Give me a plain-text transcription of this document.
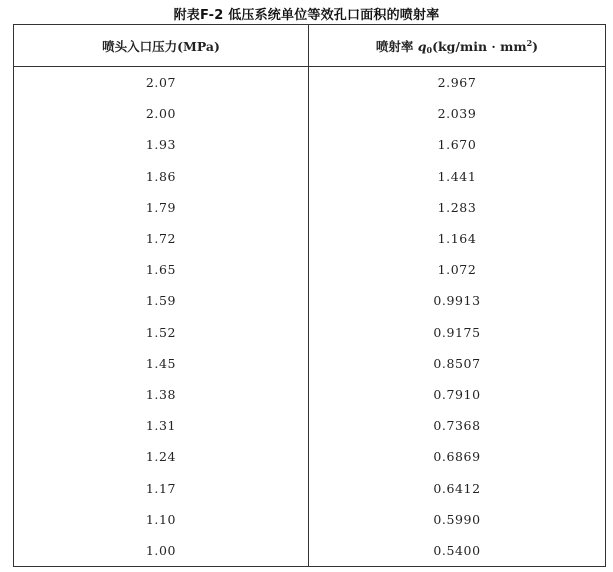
附表F-2 低压系统单位等效孔口面积的喷射率
喷头入口压力(MPa)	喷射率 $q0(kg/\min \cdot mm^2)$
2.07	2.967
2.00	2.039
1.93	1.670
1.86	1.441
1.79	1.283
1.72	1.164
1.65	1.072
1.59	0.9913
1.52	0.9175
1.45	0.8507
1.38	0.7910
1.31	0.7368
1.24	0.6869
1.17	0.6412
1.10	0.5990
1.00	0.5400
